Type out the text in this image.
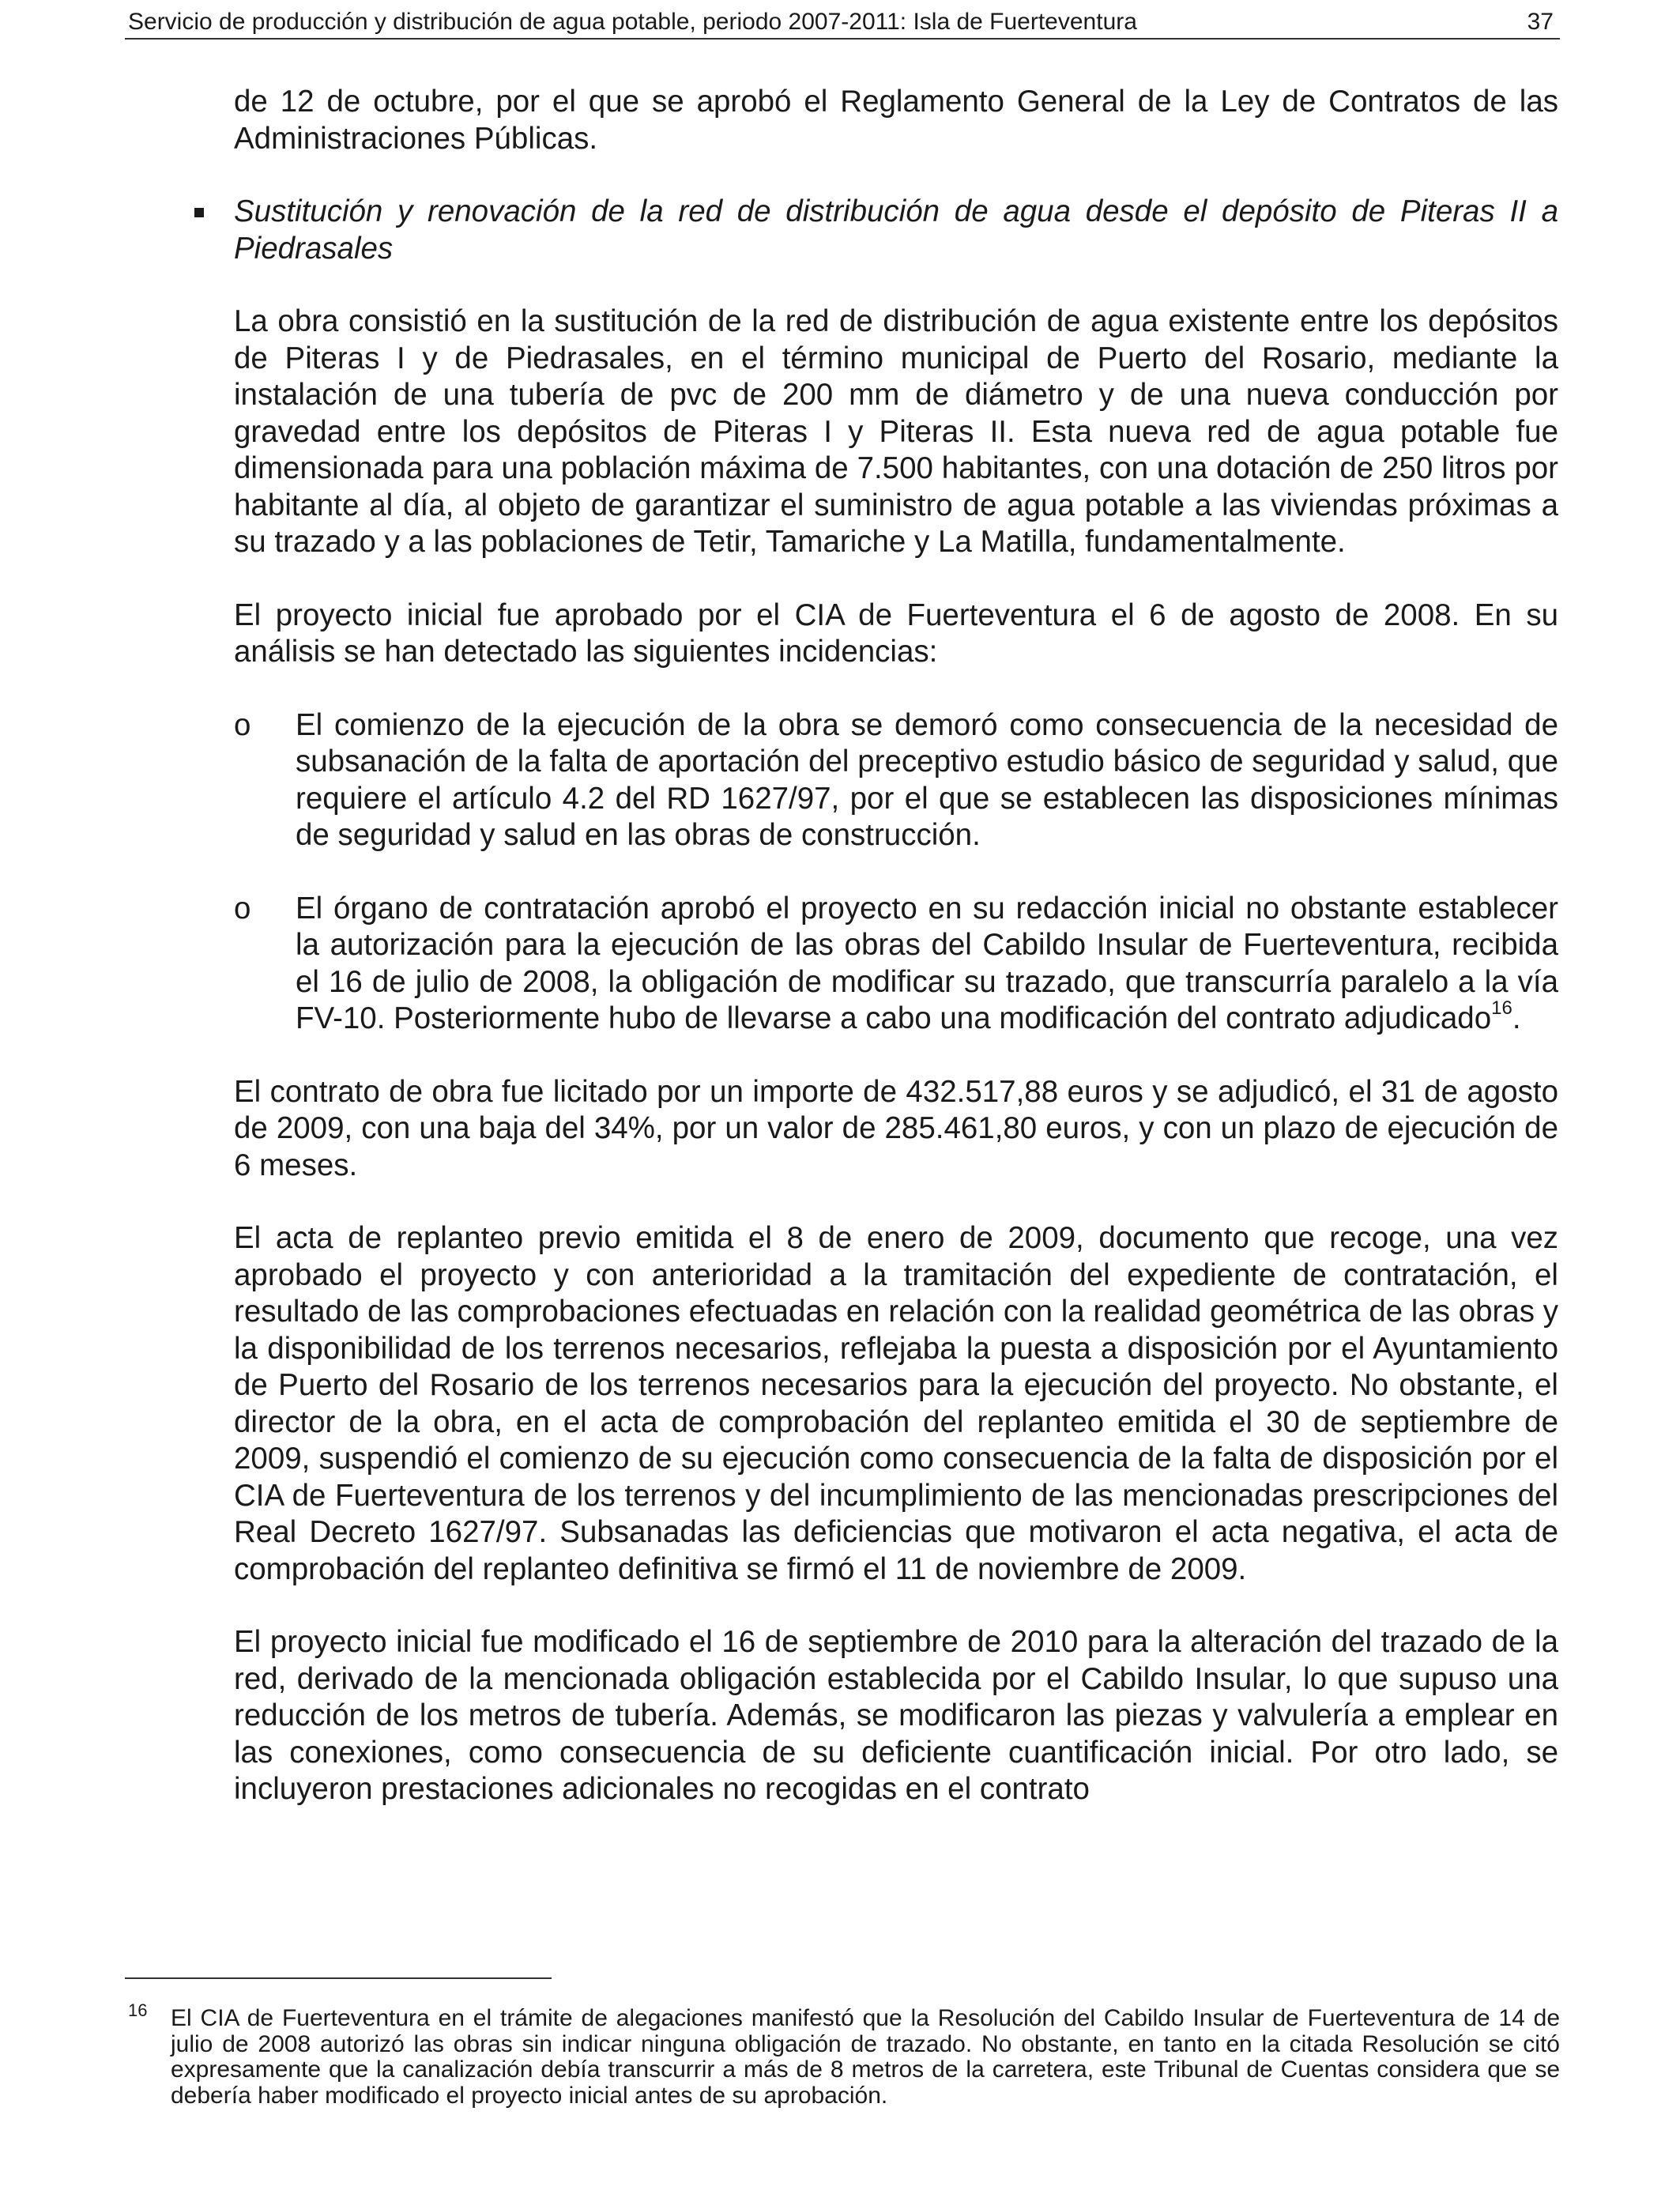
Servicio de producción y distribución de agua potable, periodo 2007-2011: Isla de Fuerteventura	37

de 12 de octubre, por el que se aprobó el Reglamento General de la Ley de Contratos de las Administraciones Públicas.

Sustitución y renovación de la red de distribución de agua desde el depósito de Piteras II a Piedrasales

La obra consistió en la sustitución de la red de distribución de agua existente entre los depósitos de Piteras I y de Piedrasales, en el término municipal de Puerto del Rosario, mediante la instalación de una tubería de pvc de 200 mm de diámetro y de una nueva conducción por gravedad entre los depósitos de Piteras I y Piteras II. Esta nueva red de agua potable fue dimensionada para una población máxima de 7.500 habitantes, con una dotación de 250 litros por habitante al día, al objeto de garantizar el suministro de agua potable a las viviendas próximas a su trazado y a las poblaciones de Tetir, Tamariche y La Matilla, fundamentalmente.

El proyecto inicial fue aprobado por el CIA de Fuerteventura el 6 de agosto de 2008. En su análisis se han detectado las siguientes incidencias:

o El comienzo de la ejecución de la obra se demoró como consecuencia de la necesidad de subsanación de la falta de aportación del preceptivo estudio básico de seguridad y salud, que requiere el artículo 4.2 del RD 1627/97, por el que se establecen las disposiciones mínimas de seguridad y salud en las obras de construcción.
o El órgano de contratación aprobó el proyecto en su redacción inicial no obstante establecer la autorización para la ejecución de las obras del Cabildo Insular de Fuerteventura, recibida el 16 de julio de 2008, la obligación de modificar su trazado, que transcurría paralelo a la vía FV-10. Posteriormente hubo de llevarse a cabo una modificación del contrato adjudicado$^{16}$.

El contrato de obra fue licitado por un importe de 432.517,88 euros y se adjudicó, el 31 de agosto de 2009, con una baja del 34%, por un valor de 285.461,80 euros, y con un plazo de ejecución de 6 meses.

El acta de replanteo previo emitida el 8 de enero de 2009, documento que recoge, una vez aprobado el proyecto y con anterioridad a la tramitación del expediente de contratación, el resultado de las comprobaciones efectuadas en relación con la realidad geométrica de las obras y la disponibilidad de los terrenos necesarios, reflejaba la puesta a disposición por el Ayuntamiento de Puerto del Rosario de los terrenos necesarios para la ejecución del proyecto. No obstante, el director de la obra, en el acta de comprobación del replanteo emitida el 30 de septiembre de 2009, suspendió el comienzo de su ejecución como consecuencia de la falta de disposición por el CIA de Fuerteventura de los terrenos y del incumplimiento de las mencionadas prescripciones del Real Decreto 1627/97. Subsanadas las deficiencias que motivaron el acta negativa, el acta de comprobación del replanteo definitiva se firmó el 11 de noviembre de 2009.

El proyecto inicial fue modificado el 16 de septiembre de 2010 para la alteración del trazado de la red, derivado de la mencionada obligación establecida por el Cabildo Insular, lo que supuso una reducción de los metros de tubería. Además, se modificaron las piezas y valvulería a emplear en las conexiones, como consecuencia de su deficiente cuantificación inicial. Por otro lado, se incluyeron prestaciones adicionales no recogidas en el contrato

16 El CIA de Fuerteventura en el trámite de alegaciones manifestó que la Resolución del Cabildo Insular de Fuerteventura de 14 de julio de 2008 autorizó las obras sin indicar ninguna obligación de trazado. No obstante, en tanto en la citada Resolución se citó expresamente que la canalización debía transcurrir a más de 8 metros de la carretera, este Tribunal de Cuentas considera que se debería haber modificado el proyecto inicial antes de su aprobación.
